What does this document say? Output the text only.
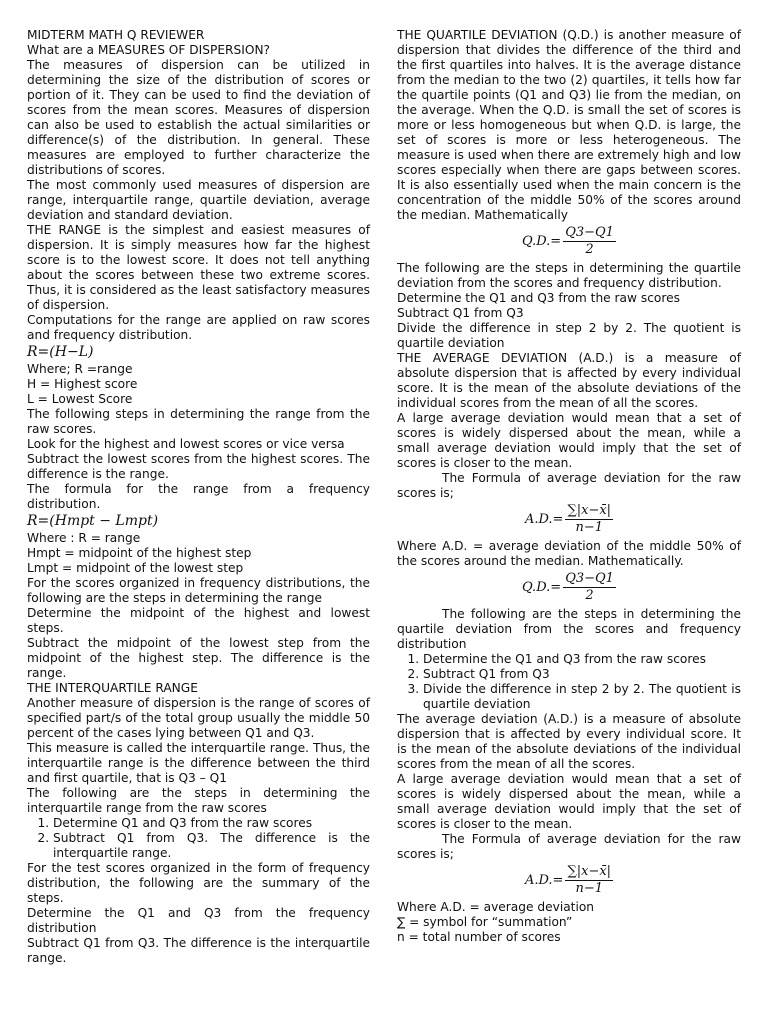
MIDTERM MATH Q REVIEWER

What are a MEASURES OF DISPERSION?

The measures of dispersion can be utilized in determining the size of the distribution of scores or portion of it. They can be used to find the deviation of scores from the mean scores. Measures of dispersion can also be used to establish the actual similarities or difference(s) of the distribution. In general. These measures are employed to further characterize the distributions of scores.

The most commonly used measures of dispersion are range, interquartile range, quartile deviation, average deviation and standard deviation.

THE RANGE is the simplest and easiest measures of dispersion. It is simply measures how far the highest score is to the lowest score. It does not tell anything about the scores between these two extreme scores. Thus, it is considered as the least satisfactory measures of dispersion.

Computations for the range are applied on raw scores and frequency distribution.

R=(H−L)

Where; R =range

H = Highest score

L = Lowest Score

The following steps in determining the range from the raw scores.

Look for the highest and lowest scores or vice versa

Subtract the lowest scores from the highest scores. The difference is the range.

The formula for the range from a frequency distribution.

R=(Hmpt − Lmpt)

Where : R = range

Hmpt = midpoint of the highest step

Lmpt = midpoint of the lowest step

For the scores organized in frequency distributions, the following are the steps in determining the range

Determine the midpoint of the highest and lowest steps.

Subtract the midpoint of the lowest step from the midpoint of the highest step. The difference is the range.

THE INTERQUARTILE RANGE

Another measure of dispersion is the range of scores of specified part/s of the total group usually the middle 50 percent of the cases lying between Q1 and Q3.

This measure is called the interquartile range. Thus, the interquartile range is the difference between the third and first quartile, that is Q3 – Q1

The following are the steps in determining the interquartile range from the raw scores

1. Determine Q1 and Q3 from the raw scores
2. Subtract Q1 from Q3. The difference is the interquartile range.

For the test scores organized in the form of frequency distribution, the following are the summary of the steps.

Determine the Q1 and Q3 from the frequency distribution

Subtract Q1 from Q3. The difference is the interquartile range.

THE QUARTILE DEVIATION (Q.D.) is another measure of dispersion that divides the difference of the third and the first quartiles into halves. It is the average distance from the median to the two (2) quartiles, it tells how far the quartile points (Q1 and Q3) lie from the median, on the average. When the Q.D. is small the set of scores is more or less homogeneous but when Q.D. is large, the set of scores is more or less heterogeneous. The measure is used when there are extremely high and low scores especially when there are gaps between scores. It is also essentially used when the main concern is the concentration of the middle 50% of the scores around the median. Mathematically

$Q.D.= \frac{Q3-Q1}{2}$

The following are the steps in determining the quartile deviation from the scores and frequency distribution.

Determine the Q1 and Q3 from the raw scores

Subtract Q1 from Q3

Divide the difference in step 2 by 2. The quotient is quartile deviation

THE AVERAGE DEVIATION (A.D.) is a measure of absolute dispersion that is affected by every individual score. It is the mean of the absolute deviations of the individual scores from the mean of all the scores.

A large average deviation would mean that a set of scores is widely dispersed about the mean, while a small average deviation would imply that the set of scores is closer to the mean.

The Formula of average deviation for the raw scores is;

$A.D.= \frac{\sum|x-x̄|}{n-1}$

Where A.D. = average deviation of the middle 50% of the scores around the median. Mathematically.

$Q.D.= \frac{Q3-Q1}{2}$

The following are the steps in determining the quartile deviation from the scores and frequency distribution

1. Determine the Q1 and Q3 from the raw scores
2. Subtract Q1 from Q3
3. Divide the difference in step 2 by 2. The quotient is quartile deviation

The average deviation (A.D.) is a measure of absolute dispersion that is affected by every individual score. It is the mean of the absolute deviations of the individual scores from the mean of all the scores.

A large average deviation would mean that a set of scores is widely dispersed about the mean, while a small average deviation would imply that the set of scores is closer to the mean.

The Formula of average deviation for the raw scores is;

$A.D.= \frac{\sum|x-x̄|}{n-1}$

Where A.D. = average deviation

∑ = symbol for “summation”

n = total number of scores
